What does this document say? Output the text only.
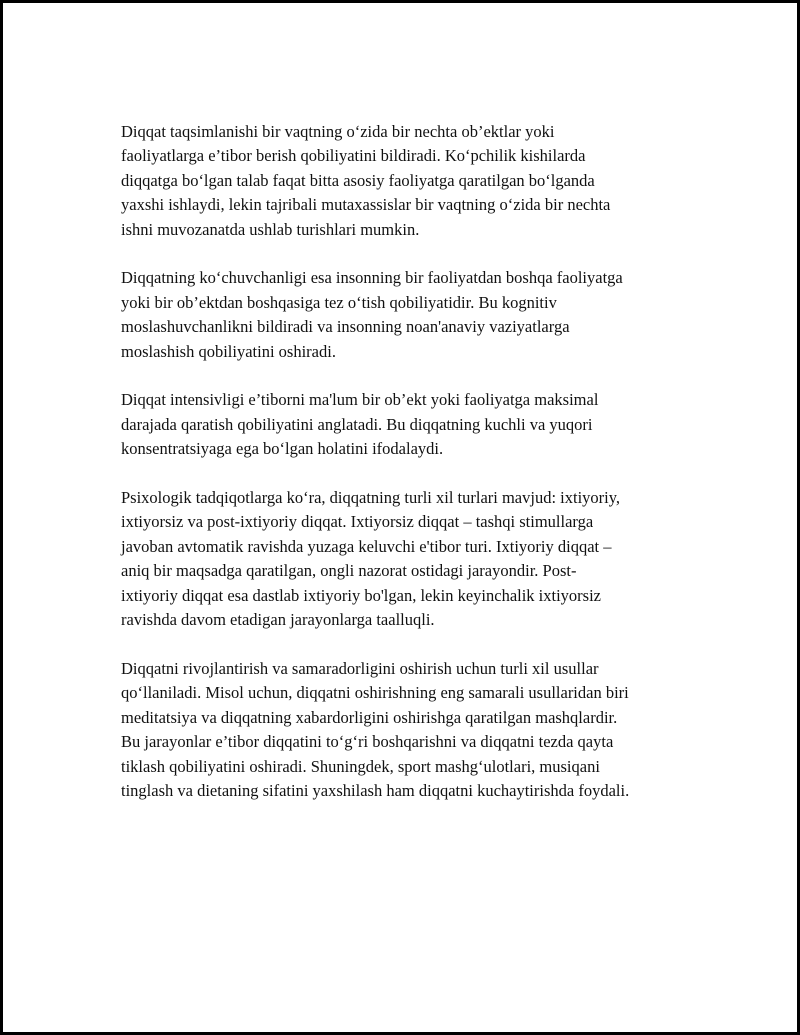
Diqqat taqsimlanishi bir vaqtning o‘zida bir nechta ob’ektlar yoki
faoliyatlarga e’tibor berish qobiliyatini bildiradi. Ko‘pchilik kishilarda
diqqatga bo‘lgan talab faqat bitta asosiy faoliyatga qaratilgan bo‘lganda
yaxshi ishlaydi, lekin tajribali mutaxassislar bir vaqtning o‘zida bir nechta
ishni muvozanatda ushlab turishlari mumkin.

Diqqatning ko‘chuvchanligi esa insonning bir faoliyatdan boshqa faoliyatga
yoki bir ob’ektdan boshqasiga tez o‘tish qobiliyatidir. Bu kognitiv
moslashuvchanlikni bildiradi va insonning noan'anaviy vaziyatlarga
moslashish qobiliyatini oshiradi.

Diqqat intensivligi e’tiborni ma'lum bir ob’ekt yoki faoliyatga maksimal
darajada qaratish qobiliyatini anglatadi. Bu diqqatning kuchli va yuqori
konsentratsiyaga ega bo‘lgan holatini ifodalaydi.

Psixologik tadqiqotlarga ko‘ra, diqqatning turli xil turlari mavjud: ixtiyoriy,
ixtiyorsiz va post-ixtiyoriy diqqat. Ixtiyorsiz diqqat – tashqi stimullarga
javoban avtomatik ravishda yuzaga keluvchi e'tibor turi. Ixtiyoriy diqqat –
aniq bir maqsadga qaratilgan, ongli nazorat ostidagi jarayondir. Post-
ixtiyoriy diqqat esa dastlab ixtiyoriy bo'lgan, lekin keyinchalik ixtiyorsiz
ravishda davom etadigan jarayonlarga taalluqli.

Diqqatni rivojlantirish va samaradorligini oshirish uchun turli xil usullar
qo‘llaniladi. Misol uchun, diqqatni oshirishning eng samarali usullaridan biri
meditatsiya va diqqatning xabardorligini oshirishga qaratilgan mashqlardir.
Bu jarayonlar e’tibor diqqatini to‘g‘ri boshqarishni va diqqatni tezda qayta
tiklash qobiliyatini oshiradi. Shuningdek, sport mashg‘ulotlari, musiqani
tinglash va dietaning sifatini yaxshilash ham diqqatni kuchaytirishda foydali.
